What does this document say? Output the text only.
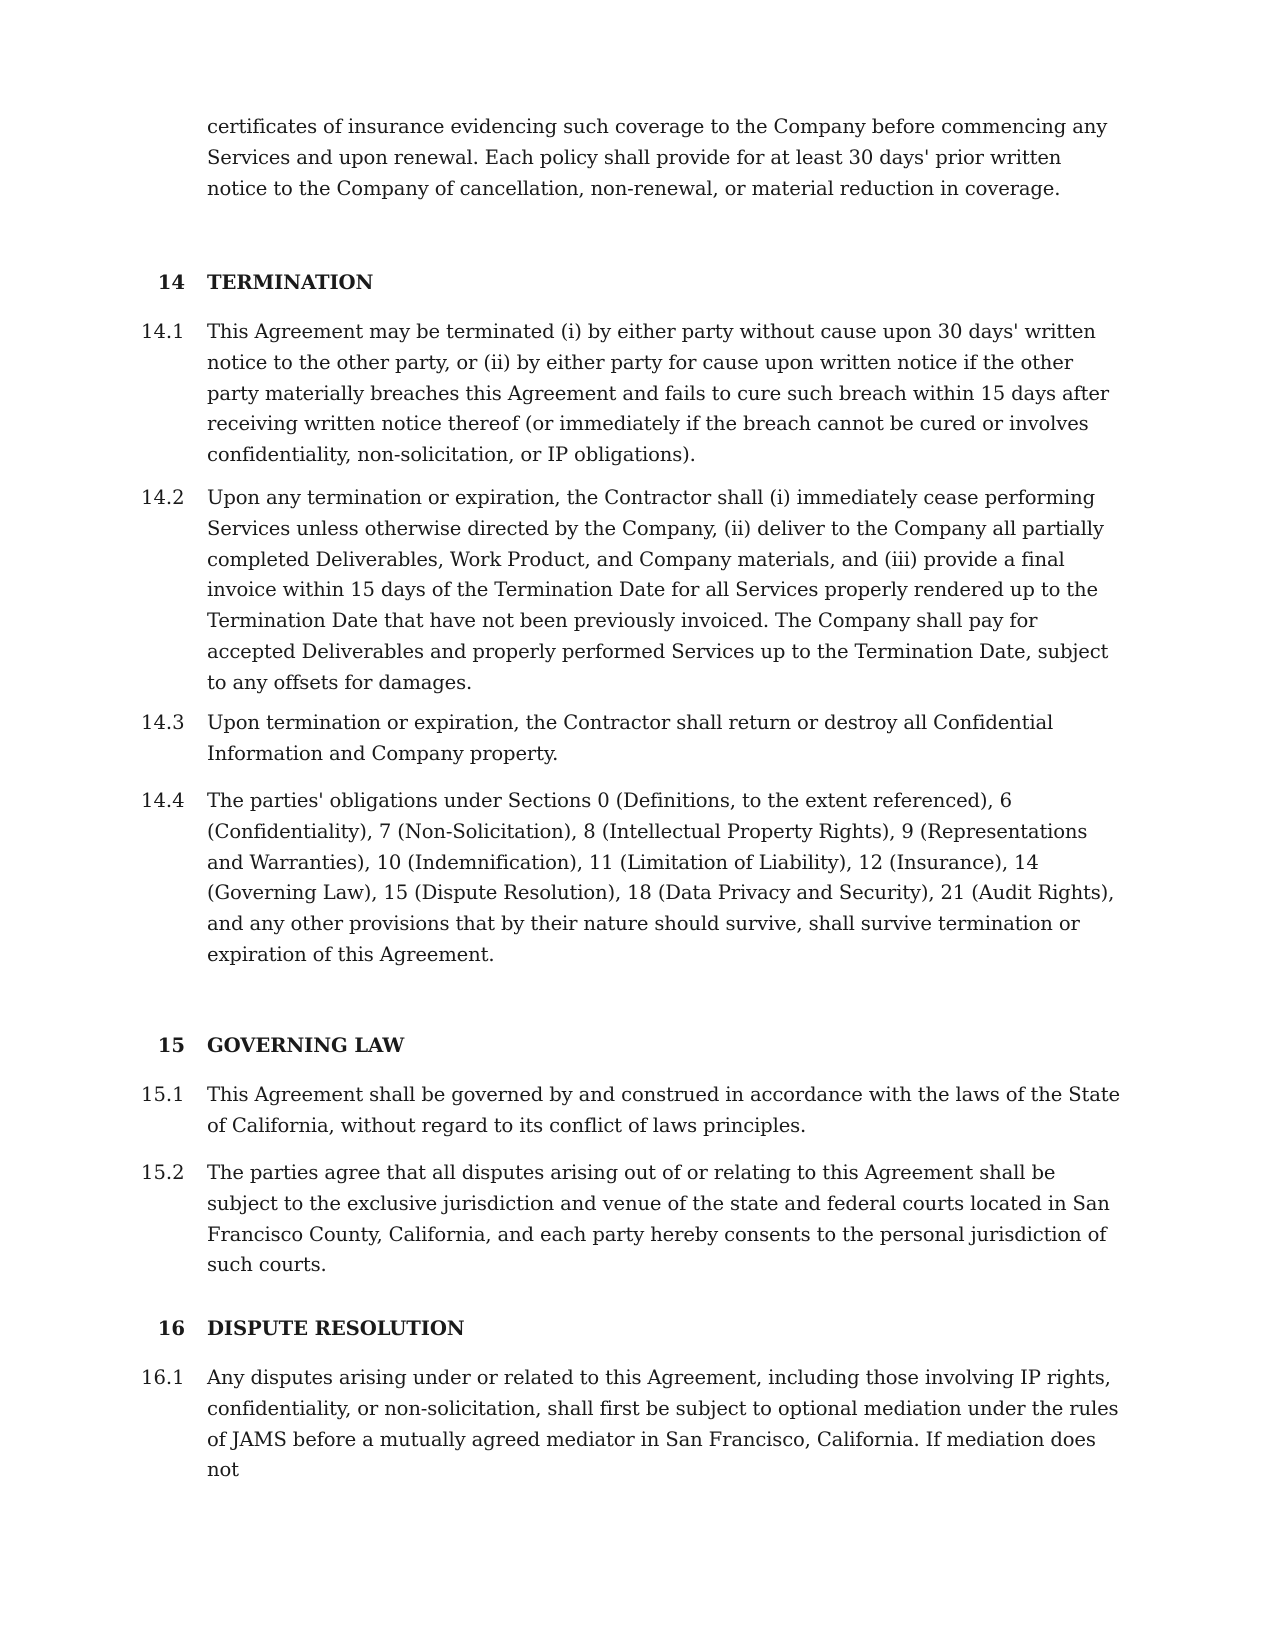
certificates of insurance evidencing such coverage to the Company before commencing any Services and upon renewal. Each policy shall provide for at least 30 days' prior written notice to the Company of cancellation, non-renewal, or material reduction in coverage.
14 TERMINATION
14.1	This Agreement may be terminated (i) by either party without cause upon 30 days' written notice to the other party, or (ii) by either party for cause upon written notice if the other party materially breaches this Agreement and fails to cure such breach within 15 days after receiving written notice thereof (or immediately if the breach cannot be cured or involves confidentiality, non-solicitation, or IP obligations).
14.2	Upon any termination or expiration, the Contractor shall (i) immediately cease performing Services unless otherwise directed by the Company, (ii) deliver to the Company all partially completed Deliverables, Work Product, and Company materials, and (iii) provide a final invoice within 15 days of the Termination Date for all Services properly rendered up to the Termination Date that have not been previously invoiced. The Company shall pay for accepted Deliverables and properly performed Services up to the Termination Date, subject to any offsets for damages.
14.3	Upon termination or expiration, the Contractor shall return or destroy all Confidential Information and Company property.
14.4	The parties' obligations under Sections 0 (Definitions, to the extent referenced), 6 (Confidentiality), 7 (Non-Solicitation), 8 (Intellectual Property Rights), 9 (Representations and Warranties), 10 (Indemnification), 11 (Limitation of Liability), 12 (Insurance), 14 (Governing Law), 15 (Dispute Resolution), 18 (Data Privacy and Security), 21 (Audit Rights), and any other provisions that by their nature should survive, shall survive termination or expiration of this Agreement.
15 GOVERNING LAW
15.1	This Agreement shall be governed by and construed in accordance with the laws of the State of California, without regard to its conflict of laws principles.
15.2	The parties agree that all disputes arising out of or relating to this Agreement shall be subject to the exclusive jurisdiction and venue of the state and federal courts located in San Francisco County, California, and each party hereby consents to the personal jurisdiction of such courts.
16 DISPUTE RESOLUTION
16.1	Any disputes arising under or related to this Agreement, including those involving IP rights, confidentiality, or non-solicitation, shall first be subject to optional mediation under the rules of JAMS before a mutually agreed mediator in San Francisco, California. If mediation does not
